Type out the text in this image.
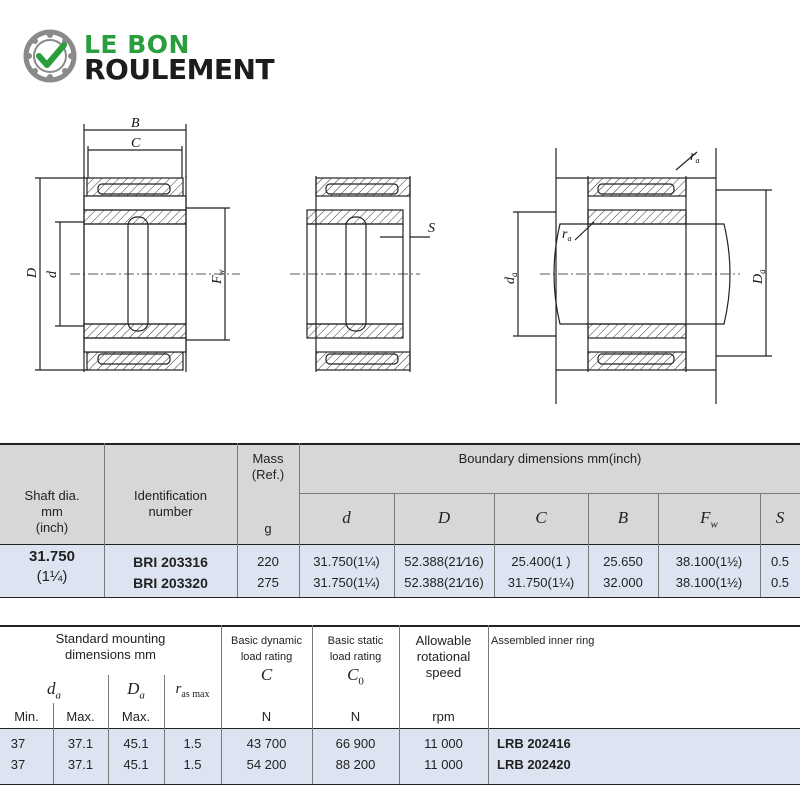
LE BON
ROULEMENT
B
C
D d
$F_w$
S
$d_a$	$D_a$
$r_a$
$r_a$
Shaft dia.
mm
(inch)
Identification
number
Mass
(Ref.)
g
Boundary dimensions mm(inch)
d	D	C	B	$F_w$	S
31.750
(1¼)
BRI 203316	220	31.750(1¼)	52.388(21⁄16)	25.400(1 )	25.650	38.100(1½)	0.5
BRI 203320	275	31.750(1¼)	52.388(21⁄16)	31.750(1¼)	32.000	38.100(1½)	0.5
Standard mounting
dimensions mm
Basic dynamic
load rating
Basic static
load rating
Allowable
rotational
speed
Assembled inner ring
$d_a$	$D_a$	$r_{as max}$
C	$C_0$
Min.	Max.	Max.	N	N	rpm
37	37.1	45.1	1.5	43 700	66 900	11 000	LRB 202416
37	37.1	45.1	1.5	54 200	88 200	11 000	LRB 202420
